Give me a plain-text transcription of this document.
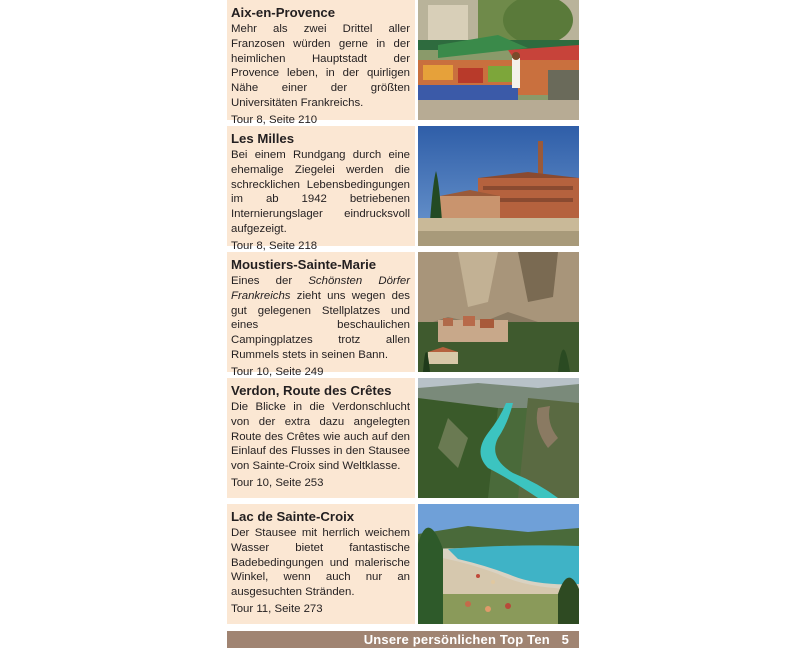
Aix-en-Provence

Mehr als zwei Drittel aller Franzosen würden gerne in der heimlichen Hauptstadt der Provence leben, in der quirligen Nähe einer der größten Universitäten Frankreichs.

Tour 8, Seite 210
Les Milles

Bei einem Rundgang durch eine ehemalige Ziegelei werden die schrecklichen Lebensbedingungen im ab 1942 betriebenen Internierungslager eindrucksvoll aufgezeigt.

Tour 8, Seite 218
Moustiers-Sainte-Marie

Eines der Schönsten Dörfer Frankreichs zieht uns wegen des gut gelegenen Stellplatzes und eines beschaulichen Campingplatzes trotz allen Rummels stets in seinen Bann.

Tour 10, Seite 249
Verdon, Route des Crêtes

Die Blicke in die Verdonschlucht von der extra dazu angelegten Route des Crêtes wie auch auf den Einlauf des Flusses in den Stausee von Sainte-Croix sind Weltklasse.

Tour 10, Seite 253
Lac de Sainte-Croix

Der Stausee mit herrlich weichem Wasser bietet fantastische Badebedingungen und malerische Winkel, wenn auch nur an ausgesuchten Stränden.

Tour 11, Seite 273
Unsere persönlichen Top Ten 5
